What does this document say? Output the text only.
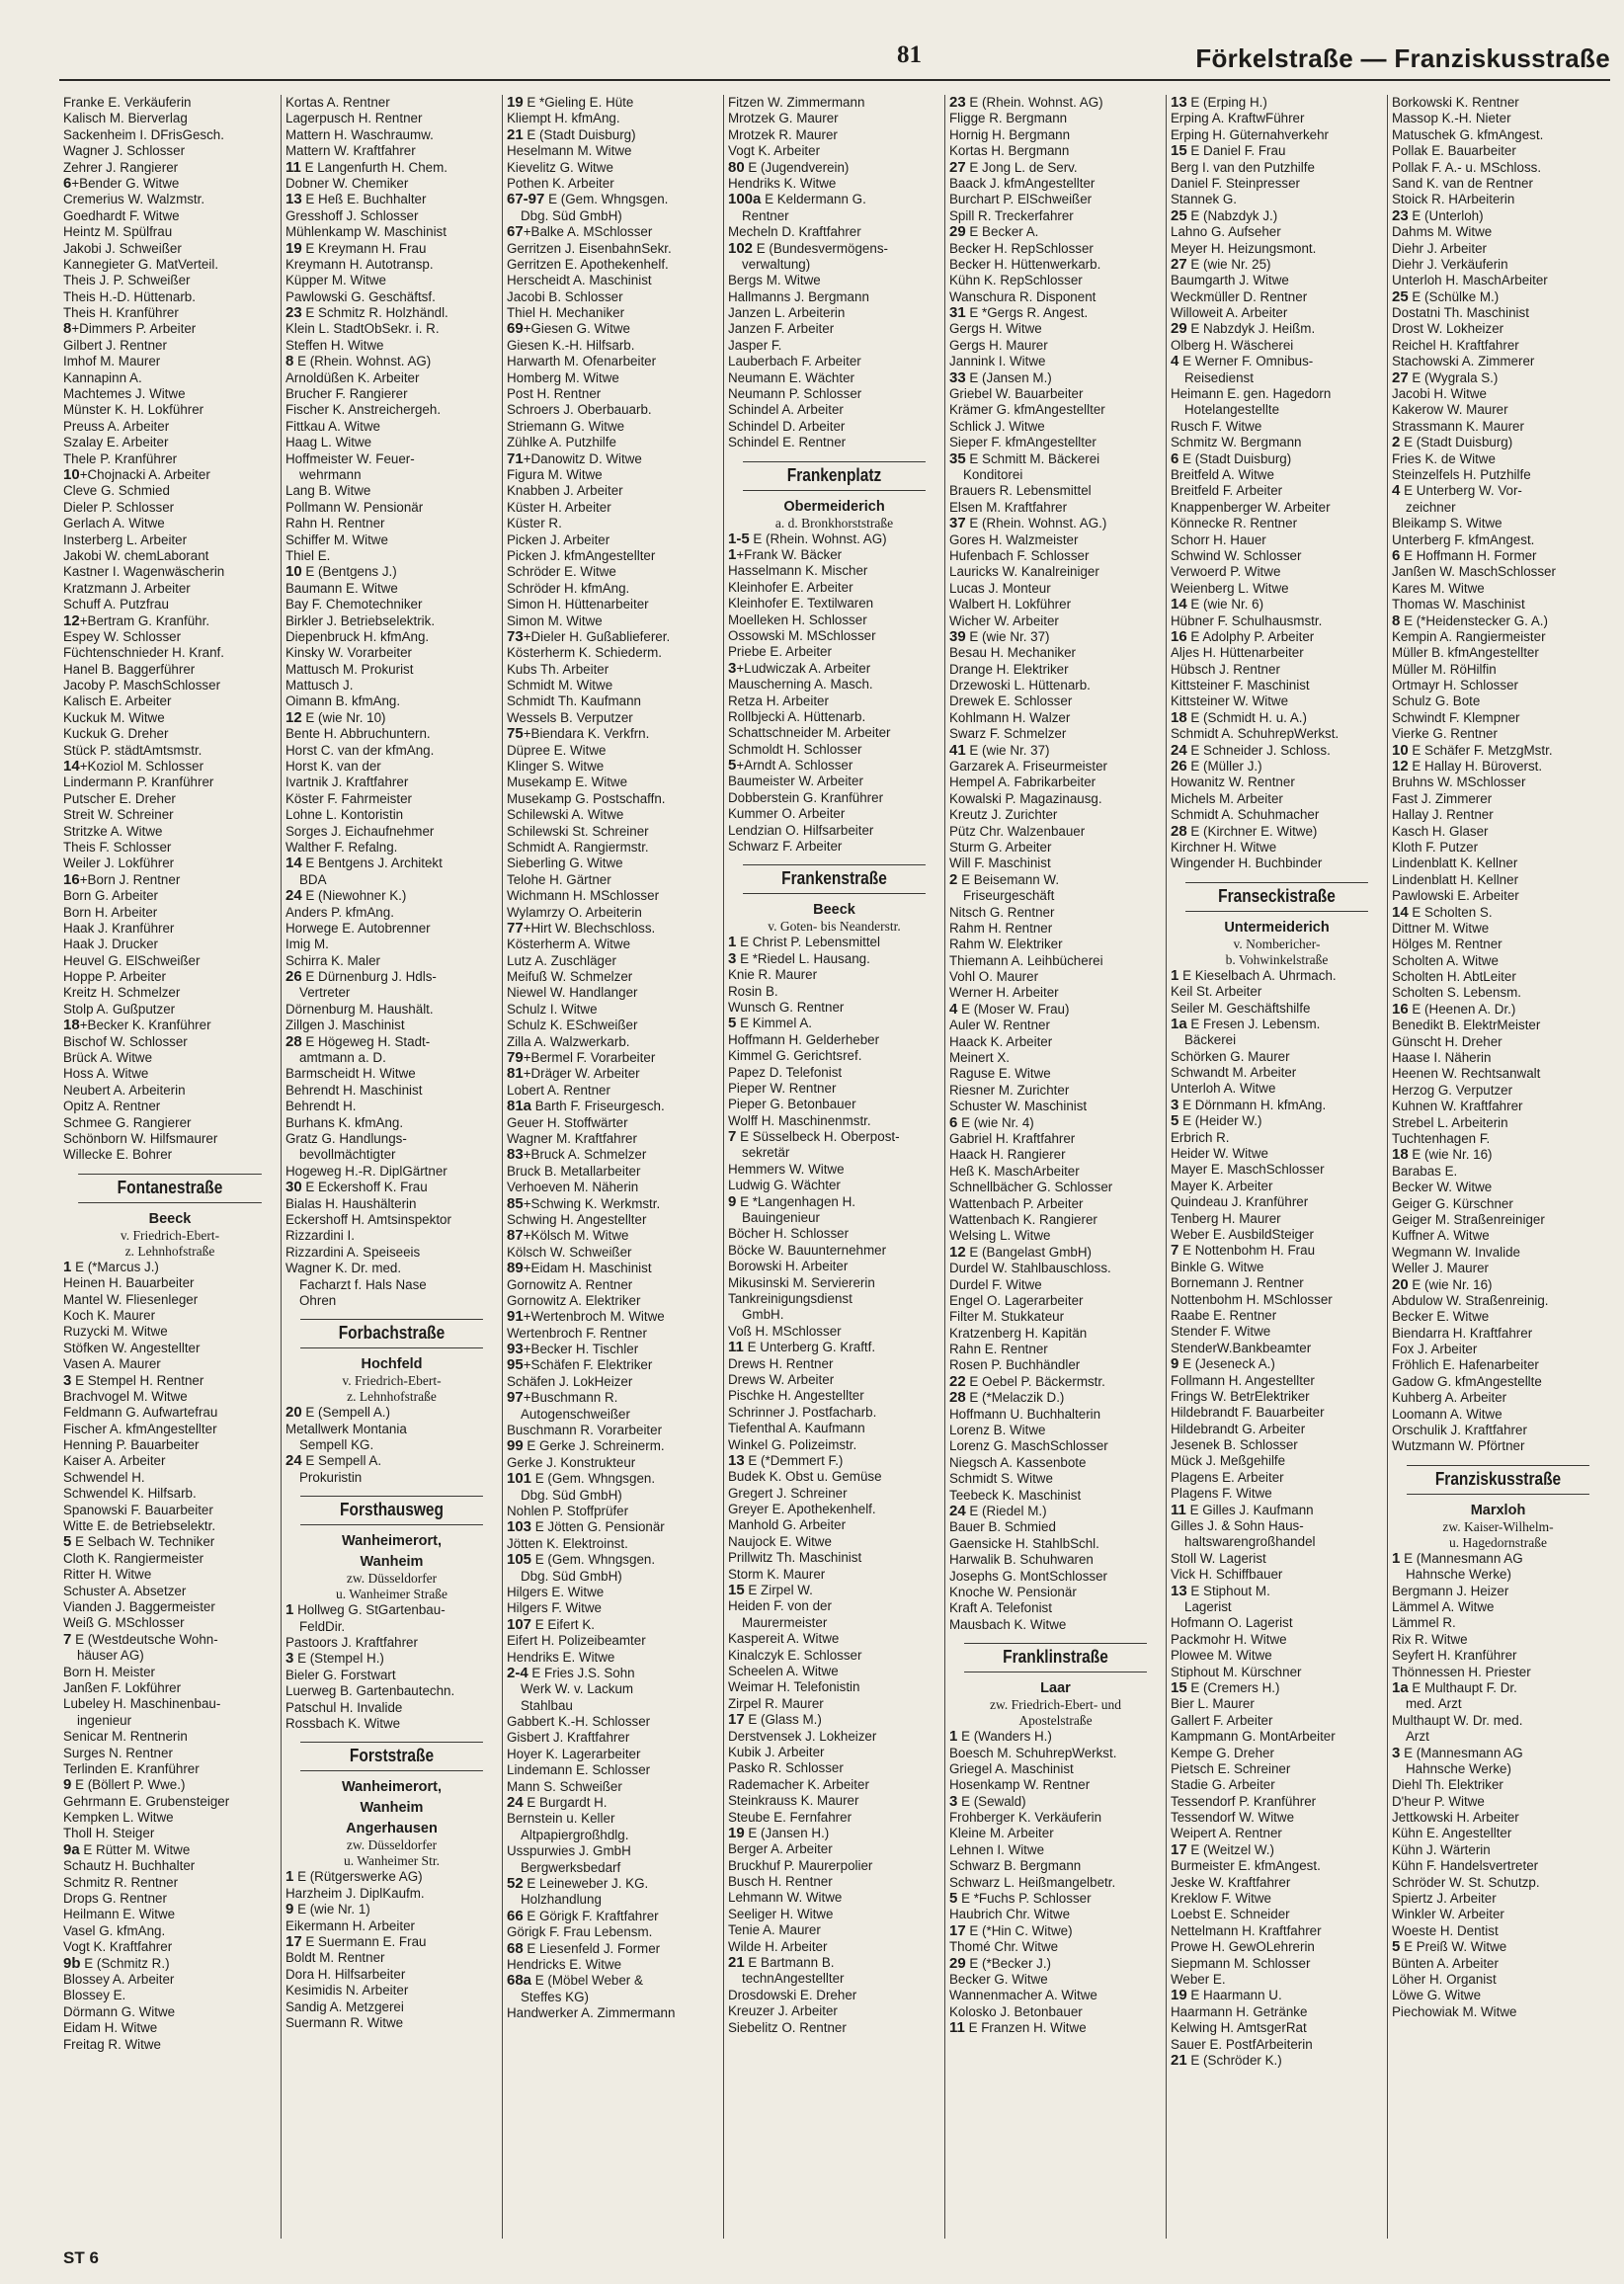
81	Förkelstraße — Franziskusstraße
Franke E. Verkäuferin
Kalisch M. Bierverlag
Sackenheim I. DFrisGesch.
Wagner J. Schlosser
Zehrer J. Rangierer
6+Bender G. Witwe
Cremerius W. Walzmstr.
Goedhardt F. Witwe
Heintz M. Spülfrau
Jakobi J. Schweißer
Kannegieter G. MatVerteil.
Theis J. P. Schweißer
Theis H.-D. Hüttenarb.
Theis H. Kranführer
8+Dimmers P. Arbeiter
Gilbert J. Rentner
Imhof M. Maurer
Kannapinn A.
Machtemes J. Witwe
Münster K. H. Lokführer
Preuss A. Arbeiter
Szalay E. Arbeiter
Thele P. Kranführer
10+Chojnacki A. Arbeiter
Cleve G. Schmied
Dieler P. Schlosser
Gerlach A. Witwe
Insterberg L. Arbeiter
Jakobi W. chemLaborant
Kastner I. Wagenwäscherin
Kratzmann J. Arbeiter
Schuff A. Putzfrau
12+Bertram G. Kranführ.
Espey W. Schlosser
Füchtenschnieder H. Kranf.
Hanel B. Baggerführer
Jacoby P. MaschSchlosser
Kalisch E. Arbeiter
Kuckuk M. Witwe
Kuckuk G. Dreher
Stück P. städtAmtsmstr.
14+Koziol M. Schlosser
Lindermann P. Kranführer
Putscher E. Dreher
Streit W. Schreiner
Stritzke A. Witwe
Theis F. Schlosser
Weiler J. Lokführer
16+Born J. Rentner
Born G. Arbeiter
Born H. Arbeiter
Haak J. Kranführer
Haak J. Drucker
Heuvel G. ElSchweißer
Hoppe P. Arbeiter
Kreitz H. Schmelzer
Stolp A. Gußputzer
18+Becker K. Kranführer
Bischof W. Schlosser
Brück A. Witwe
Hoss A. Witwe
Neubert A. Arbeiterin
Opitz A. Rentner
Schmee G. Rangierer
Schönborn W. Hilfsmaurer
Willecke E. Bohrer
Fontanestraße
Beeck
v. Friedrich-Ebert-
z. Lehnhofstraße
1 E (*Marcus J.)
Heinen H. Bauarbeiter
Mantel W. Fliesenleger
Koch K. Maurer
Ruzycki M. Witwe
Stöfken W. Angestellter
Vasen A. Maurer
3 E Stempel H. Rentner
Brachvogel M. Witwe
Feldmann G. Aufwartefrau
Fischer A. kfmAngestellter
Henning P. Bauarbeiter
Kaiser A. Arbeiter
Schwendel H.
Schwendel K. Hilfsarb.
Spanowski F. Bauarbeiter
Witte E. de Betriebselektr.
5 E Selbach W. Techniker
Cloth K. Rangiermeister
Ritter H. Witwe
Schuster A. Absetzer
Vianden J. Baggermeister
Weiß G. MSchlosser
7 E (Westdeutsche Wohn-
häuser AG)
Born H. Meister
Janßen F. Lokführer
Lubeley H. Maschinenbau-
ingenieur
Senicar M. Rentnerin
Surges N. Rentner
Terlinden E. Kranführer
9 E (Böllert P. Wwe.)
Gehrmann E. Grubensteiger
Kempken L. Witwe
Tholl H. Steiger
9a E Rütter M. Witwe
Schautz H. Buchhalter
Schmitz R. Rentner
Drops G. Rentner
Heilmann E. Witwe
Vasel G. kfmAng.
Vogt K. Kraftfahrer
9b E (Schmitz R.)
Blossey A. Arbeiter
Blossey E.
Dörmann G. Witwe
Eidam H. Witwe
Freitag R. Witwe
Kortas A. Rentner
Lagerpusch H. Rentner
Mattern H. Waschraumw.
Mattern W. Kraftfahrer
11 E Langenfurth H. Chem.
Dobner W. Chemiker
13 E Heß E. Buchhalter
Gresshoff J. Schlosser
Mühlenkamp W. Maschinist
19 E Kreymann H. Frau
Kreymann H. Autotransp.
Küpper M. Witwe
Pawlowski G. Geschäftsf.
23 E Schmitz R. Holzhändl.
Klein L. StadtObSekr. i. R.
Steffen H. Witwe
8 E (Rhein. Wohnst. AG)
Arnoldüßen K. Arbeiter
Brucher F. Rangierer
Fischer K. Anstreichergeh.
Fittkau A. Witwe
Haag L. Witwe
Hoffmeister W. Feuer-
wehrmann
Lang B. Witwe
Pollmann W. Pensionär
Rahn H. Rentner
Schiffer M. Witwe
Thiel E.
10 E (Bentgens J.)
Baumann E. Witwe
Bay F. Chemotechniker
Birkler J. Betriebselektrik.
Diepenbruck H. kfmAng.
Kinsky W. Vorarbeiter
Mattusch M. Prokurist
Mattusch J.
Oimann B. kfmAng.
12 E (wie Nr. 10)
Bente H. Abbruchuntern.
Horst C. van der kfmAng.
Horst K. van der
Ivartnik J. Kraftfahrer
Köster F. Fahrmeister
Lohne L. Kontoristin
Sorges J. Eichaufnehmer
Walther F. Refalng.
14 E Bentgens J. Architekt
BDA
24 E (Niewohner K.)
Anders P. kfmAng.
Horwege E. Autobrenner
Imig M.
Schirra K. Maler
26 E Dürnenburg J. Hdls-
Vertreter
Dörnenburg M. Haushält.
Zillgen J. Maschinist
28 E Högeweg H. Stadt-
amtmann a. D.
Barmscheidt H. Witwe
Behrendt H. Maschinist
Behrendt H.
Burhans K. kfmAng.
Gratz G. Handlungs-
bevollmächtigter
Hogeweg H.-R. DiplGärtner
30 E Eckershoff K. Frau
Bialas H. Haushälterin
Eckershoff H. Amtsinspektor
Rizzardini I.
Rizzardini A. Speiseeis
Wagner K. Dr. med.
Facharzt f. Hals Nase
Ohren
Forbachstraße
Hochfeld
v. Friedrich-Ebert-
z. Lehnhofstraße
20 E (Sempell A.)
Metallwerk Montania
Sempell KG.
24 E Sempell A.
Prokuristin
Forsthausweg
Wanheimerort,
Wanheim
zw. Düsseldorfer
u. Wanheimer Straße
1 Hollweg G. StGartenbau-
FeldDir.
Pastoors J. Kraftfahrer
3 E (Stempel H.)
Bieler G. Forstwart
Luerweg B. Gartenbautechn.
Patschul H. Invalide
Rossbach K. Witwe
Forststraße
Wanheimerort,
Wanheim
Angerhausen
zw. Düsseldorfer
u. Wanheimer Str.
1 E (Rütgerswerke AG)
Harzheim J. DiplKaufm.
9 E (wie Nr. 1)
Eikermann H. Arbeiter
17 E Suermann E. Frau
Boldt M. Rentner
Dora H. Hilfsarbeiter
Kesimidis N. Arbeiter
Sandig A. Metzgerei
Suermann R. Witwe
19 E *Gieling E. Hüte
Kliempt H. kfmAng.
21 E (Stadt Duisburg)
Heselmann M. Witwe
Kievelitz G. Witwe
Pothen K. Arbeiter
67-97 E (Gem. Whngsgen.
Dbg. Süd GmbH)
67+Balke A. MSchlosser
Gerritzen J. EisenbahnSekr.
Gerritzen E. Apothekenhelf.
Herscheidt A. Maschinist
Jacobi B. Schlosser
Thiel H. Mechaniker
69+Giesen G. Witwe
Giesen K.-H. Hilfsarb.
Harwarth M. Ofenarbeiter
Homberg M. Witwe
Post H. Rentner
Schroers J. Oberbauarb.
Striemann G. Witwe
Zühlke A. Putzhilfe
71+Danowitz D. Witwe
Figura M. Witwe
Knabben J. Arbeiter
Küster H. Arbeiter
Küster R.
Picken J. Arbeiter
Picken J. kfmAngestellter
Schröder E. Witwe
Schröder H. kfmAng.
Simon H. Hüttenarbeiter
Simon M. Witwe
73+Dieler H. Gußablieferer.
Kösterherm K. Schiederm.
Kubs Th. Arbeiter
Schmidt M. Witwe
Schmidt Th. Kaufmann
Wessels B. Verputzer
75+Biendara K. Verkfrn.
Düpree E. Witwe
Klinger S. Witwe
Musekamp E. Witwe
Musekamp G. Postschaffn.
Schilewski A. Witwe
Schilewski St. Schreiner
Schmidt A. Rangiermstr.
Sieberling G. Witwe
Telohe H. Gärtner
Wichmann H. MSchlosser
Wylamrzy O. Arbeiterin
77+Hirt W. Blechschloss.
Kösterherm A. Witwe
Lutz A. Zuschläger
Meifuß W. Schmelzer
Niewel W. Handlanger
Schulz I. Witwe
Schulz K. ESchweißer
Zilla A. Walzwerkarb.
79+Bermel F. Vorarbeiter
81+Dräger W. Arbeiter
Lobert A. Rentner
81a Barth F. Friseurgesch.
Geuer H. Stoffwärter
Wagner M. Kraftfahrer
83+Bruck A. Schmelzer
Bruck B. Metallarbeiter
Verhoeven M. Näherin
85+Schwing K. Werkmstr.
Schwing H. Angestellter
87+Kölsch M. Witwe
Kölsch W. Schweißer
89+Eidam H. Maschinist
Gornowitz A. Rentner
Gornowitz A. Elektriker
91+Wertenbroch M. Witwe
Wertenbroch F. Rentner
93+Becker H. Tischler
95+Schäfen F. Elektriker
Schäfen J. LokHeizer
97+Buschmann R.
Autogenschweißer
Buschmann R. Vorarbeiter
99 E Gerke J. Schreinerm.
Gerke J. Konstrukteur
101 E (Gem. Whngsgen.
Dbg. Süd GmbH)
Nohlen P. Stoffprüfer
103 E Jötten G. Pensionär
Jötten K. Elektroinst.
105 E (Gem. Whngsgen.
Dbg. Süd GmbH)
Hilgers E. Witwe
Hilgers F. Witwe
107 E Eifert K.
Eifert H. Polizeibeamter
Hendriks E. Witwe
2-4 E Fries J.S. Sohn
Werk W. v. Lackum
Stahlbau
Gabbert K.-H. Schlosser
Gisbert J. Kraftfahrer
Hoyer K. Lagerarbeiter
Lindemann E. Schlosser
Mann S. Schweißer
24 E Burgardt H.
Bernstein u. Keller
Altpapiergroßhdlg.
Usspurwies J. GmbH
Bergwerksbedarf
52 E Leineweber J. KG.
Holzhandlung
66 E Görigk F. Kraftfahrer
Görigk F. Frau Lebensm.
68 E Liesenfeld J. Former
Hendricks E. Witwe
68a E (Möbel Weber &
Steffes KG)
Handwerker A. Zimmermann
Fitzen W. Zimmermann
Mrotzek G. Maurer
Mrotzek R. Maurer
Vogt K. Arbeiter
80 E (Jugendverein)
Hendriks K. Witwe
100a E Keldermann G.
Rentner
Mecheln D. Kraftfahrer
102 E (Bundesvermögens-
verwaltung)
Bergs M. Witwe
Hallmanns J. Bergmann
Janzen L. Arbeiterin
Janzen F. Arbeiter
Jasper F.
Lauberbach F. Arbeiter
Neumann E. Wächter
Neumann P. Schlosser
Schindel A. Arbeiter
Schindel D. Arbeiter
Schindel E. Rentner
Frankenplatz
Obermeiderich
a. d. Bronkhorststraße
1-5 E (Rhein. Wohnst. AG)
1+Frank W. Bäcker
Hasselmann K. Mischer
Kleinhofer E. Arbeiter
Kleinhofer E. Textilwaren
Moelleken H. Schlosser
Ossowski M. MSchlosser
Priebe E. Arbeiter
3+Ludwiczak A. Arbeiter
Mauscherning A. Masch.
Retza H. Arbeiter
Rollbjecki A. Hüttenarb.
Schattschneider M. Arbeiter
Schmoldt H. Schlosser
5+Arndt A. Schlosser
Baumeister W. Arbeiter
Dobberstein G. Kranführer
Kummer O. Arbeiter
Lendzian O. Hilfsarbeiter
Schwarz F. Arbeiter
Frankenstraße
Beeck
v. Goten- bis Neanderstr.
1 E Christ P. Lebensmittel
3 E *Riedel L. Hausang.
Knie R. Maurer
Rosin B.
Wunsch G. Rentner
5 E Kimmel A.
Hoffmann H. Gelderheber
Kimmel G. Gerichtsref.
Papez D. Telefonist
Pieper W. Rentner
Pieper G. Betonbauer
Wolff H. Maschinenmstr.
7 E Süsselbeck H. Oberpost-
sekretär
Hemmers W. Witwe
Ludwig G. Wächter
9 E *Langenhagen H.
Bauingenieur
Böcher H. Schlosser
Böcke W. Bauunternehmer
Borowski H. Arbeiter
Mikusinski M. Serviererin
Tankreinigungsdienst
GmbH.
Voß H. MSchlosser
11 E Unterberg G. Kraftf.
Drews H. Rentner
Drews W. Arbeiter
Pischke H. Angestellter
Schrinner J. Postfacharb.
Tiefenthal A. Kaufmann
Winkel G. Polizeimstr.
13 E (*Demmert F.)
Budek K. Obst u. Gemüse
Gregert J. Schreiner
Greyer E. Apothekenhelf.
Manhold G. Arbeiter
Naujock E. Witwe
Prillwitz Th. Maschinist
Storm K. Maurer
15 E Zirpel W.
Heiden F. von der
Maurermeister
Kasperеit A. Witwe
Kinalczyk E. Schlosser
Scheelen A. Witwe
Weimar H. Telefonistin
Zirpel R. Maurer
17 E (Glass M.)
Derstvensek J. Lokheizer
Kubik J. Arbeiter
Pasko R. Schlosser
Rademacher K. Arbeiter
Steinkrauss K. Maurer
Steube E. Fernfahrer
19 E (Jansen H.)
Berger A. Arbeiter
Bruckhuf P. Maurerpolier
Busch H. Rentner
Lehmann W. Witwe
Seeliger H. Witwe
Tenie A. Maurer
Wilde H. Arbeiter
21 E Bartmann B.
technAngestellter
Drosdowski E. Dreher
Kreuzer J. Arbeiter
Siebelitz O. Rentner
23 E (Rhein. Wohnst. AG)
Fligge R. Bergmann
Hornig H. Bergmann
Kortas H. Bergmann
27 E Jong L. de Serv.
Baack J. kfmAngestellter
Burchart P. ElSchweißer
Spill R. Treckerfahrer
29 E Becker A.
Becker H. RepSchlosser
Becker H. Hüttenwerkarb.
Kühn K. RepSchlosser
Wanschura R. Disponent
31 E *Gergs R. Angest.
Gergs H. Witwe
Gergs H. Maurer
Jannink I. Witwe
33 E (Jansen M.)
Griebel W. Bauarbeiter
Krämer G. kfmAngestellter
Schlick J. Witwe
Sieper F. kfmAngestellter
35 E Schmitt M. Bäckerei
Konditorei
Brauers R. Lebensmittel
Elsen M. Kraftfahrer
37 E (Rhein. Wohnst. AG.)
Gores H. Walzmeister
Hufenbach F. Schlosser
Lauricks W. Kanalreiniger
Lucas J. Monteur
Walbert H. Lokführer
Wicher W. Arbeiter
39 E (wie Nr. 37)
Besau H. Mechaniker
Drange H. Elektriker
Drzewoski L. Hüttenarb.
Drewek E. Schlosser
Kohlmann H. Walzer
Swarz F. Schmelzer
41 E (wie Nr. 37)
Garzarek A. Friseurmeister
Hempel A. Fabrikarbeiter
Kowalski P. Magazinausg.
Kreutz J. Zurichter
Pütz Chr. Walzenbauer
Sturm G. Arbeiter
Will F. Maschinist
2 E Beisemann W.
Friseurgeschäft
Nitsch G. Rentner
Rahm H. Rentner
Rahm W. Elektriker
Thiemann A. Leihbücherei
Vohl O. Maurer
Werner H. Arbeiter
4 E (Moser W. Frau)
Auler W. Rentner
Haack K. Arbeiter
Meinert X.
Raguse E. Witwe
Riesner M. Zurichter
Schuster W. Maschinist
6 E (wie Nr. 4)
Gabriel H. Kraftfahrer
Haack H. Rangierer
Heß K. MaschArbeiter
Schnellbächer G. Schlosser
Wattenbach P. Arbeiter
Wattenbach K. Rangierer
Welsing L. Witwe
12 E (Bangelast GmbH)
Durdel W. Stahlbauschloss.
Durdel F. Witwe
Engel O. Lagerarbeiter
Filter M. Stukkateur
Kratzenberg H. Kapitän
Rahn E. Rentner
Rosen P. Buchhändler
22 E Oebel P. Bäckermstr.
28 E (*Melaczik D.)
Hoffmann U. Buchhalterin
Lorenz B. Witwe
Lorenz G. MaschSchlosser
Niegsch A. Kassenbote
Schmidt S. Witwe
Teebeck K. Maschinist
24 E (Riedel M.)
Bauer B. Schmied
Gaensicke H. StahlbSchl.
Harwalik B. Schuhwaren
Josephs G. MontSchlosser
Knoche W. Pensionär
Kraft A. Telefonist
Mausbach K. Witwe
Franklinstraße
Laar
zw. Friedrich-Ebert- und
Apostelstraße
1 E (Wanders H.)
Boesch M. SchuhrepWerkst.
Griegel A. Maschinist
Hosenkamp W. Rentner
3 E (Sewald)
Frohberger K. Verkäuferin
Kleine M. Arbeiter
Lehnen I. Witwe
Schwarz B. Bergmann
Schwarz L. Heißmangelbetr.
5 E *Fuchs P. Schlosser
Haubrich Chr. Witwe
17 E (*Hin C. Witwe)
Thomé Chr. Witwe
29 E (*Becker J.)
Becker G. Witwe
Wannenmacher A. Witwe
Kolosko J. Betonbauer
11 E Franzen H. Witwe
13 E (Erping H.)
Erping A. KraftwFührer
Erping H. Güternahverkehr
15 E Daniel F. Frau
Berg I. van den Putzhilfe
Daniel F. Steinpresser
Stannek G.
25 E (Nabzdyk J.)
Lahno G. Aufseher
Meyer H. Heizungsmont.
27 E (wie Nr. 25)
Baumgarth J. Witwe
Weckmüller D. Rentner
Willoweit A. Arbeiter
29 E Nabzdyk J. Heißm.
Olberg H. Wäscherei
4 E Werner F. Omnibus-
Reisedienst
Heimann E. gen. Hagedorn
Hotelangestellte
Rusch F. Witwe
Schmitz W. Bergmann
6 E (Stadt Duisburg)
Breitfeld A. Witwe
Breitfeld F. Arbeiter
Knappenberger W. Arbeiter
Könnecke R. Rentner
Schorr H. Hauer
Schwind W. Schlosser
Verwoerd P. Witwe
Weienberg L. Witwe
14 E (wie Nr. 6)
Hübner F. Schulhausmstr.
16 E Adolphy P. Arbeiter
Aljes H. Hüttenarbeiter
Hübsch J. Rentner
Kittsteiner F. Maschinist
Kittsteiner W. Witwe
18 E (Schmidt H. u. A.)
Schmidt A. SchuhrepWerkst.
24 E Schneider J. Schloss.
26 E (Müller J.)
Howanitz W. Rentner
Michels M. Arbeiter
Schmidt A. Schuhmacher
28 E (Kirchner E. Witwe)
Kirchner H. Witwe
Wingender H. Buchbinder
Franseckistraße
Untermeiderich
v. Nombericher-
b. Vohwinkelstraße
1 E Kieselbach A. Uhrmach.
Keil St. Arbeiter
Seiler M. Geschäftshilfe
1a E Fresen J. Lebensm.
Bäckerei
Schörken G. Maurer
Schwandt M. Arbeiter
Unterloh A. Witwe
3 E Dörnmann H. kfmAng.
5 E (Heider W.)
Erbrich R.
Heider W. Witwe
Mayer E. MaschSchlosser
Mayer K. Arbeiter
Quindeau J. Kranführer
Tenberg H. Maurer
Weber E. AusbildSteiger
7 E Nottenbohm H. Frau
Binkle G. Witwe
Bornemann J. Rentner
Nottenbohm H. MSchlosser
Raabe E. Rentner
Stender F. Witwe
StenderW.Bankbeamter
9 E (Jeseneck A.)
Follmann H. Angestellter
Frings W. BetrElektriker
Hildebrandt F. Bauarbeiter
Hildebrandt G. Arbeiter
Jesenek B. Schlosser
Mück J. Meßgehilfe
Plagens E. Arbeiter
Plagens F. Witwe
11 E Gilles J. Kaufmann
Gilles J. & Sohn Haus-
haltswarengroßhandel
Stoll W. Lagerist
Vick H. Schiffbauer
13 E Stiphout M.
Lagerist
Hofmann O. Lagerist
Packmohr H. Witwe
Plowee M. Witwe
Stiphout M. Kürschner
15 E (Cremers H.)
Bier L. Maurer
Gallert F. Arbeiter
Kampmann G. MontArbeiter
Kempe G. Dreher
Pietsch E. Schreiner
Stadie G. Arbeiter
Tessendorf P. Kranführer
Tessendorf W. Witwe
Weipert A. Rentner
17 E (Weitzel W.)
Burmeister E. kfmAngest.
Jeske W. Kraftfahrer
Kreklow F. Witwe
Loebst E. Schneider
Nettelmann H. Kraftfahrer
Prowe H. GewOLehrerin
Siepmann M. Schlosser
Weber E.
19 E Haarmann U.
Haarmann H. Getränke
Kelwing H. AmtsgerRat
Sauer E. PostfArbeiterin
21 E (Schröder K.)
Borkowski K. Rentner
Massop K.-H. Nieter
Matuschek G. kfmAngest.
Pollak E. Bauarbeiter
Pollak F. A.- u. MSchloss.
Sand K. van de Rentner
Stoick R. HArbeiterin
23 E (Unterloh)
Dahms M. Witwe
Diehr J. Arbeiter
Diehr J. Verkäuferin
Unterloh H. MaschArbeiter
25 E (Schülke M.)
Dostatni Th. Maschinist
Drost W. Lokheizer
Reichel H. Kraftfahrer
Stachowski A. Zimmerer
27 E (Wygrala S.)
Jacobi H. Witwe
Kakerow W. Maurer
Strassmann K. Maurer
2 E (Stadt Duisburg)
Fries K. de Witwe
Steinzelfels H. Putzhilfe
4 E Unterberg W. Vor-
zeichner
Bleikamp S. Witwe
Unterberg F. kfmAngest.
6 E Hoffmann H. Former
Janßen W. MaschSchlosser
Kares M. Witwe
Thomas W. Maschinist
8 E (*Heidenstecker G. A.)
Kempin A. Rangiermeister
Müller B. kfmAngestellter
Müller M. RöHilfin
Ortmayr H. Schlosser
Schulz G. Bote
Schwindt F. Klempner
Vierke G. Rentner
10 E Schäfer F. MetzgMstr.
12 E Hallay H. Büroverst.
Bruhns W. MSchlosser
Fast J. Zimmerer
Hallay J. Rentner
Kasch H. Glaser
Kloth F. Putzer
Lindenblatt K. Kellner
Lindenblatt H. Kellner
Pawlowski E. Arbeiter
14 E Scholten S.
Dittner M. Witwe
Hölges M. Rentner
Scholten A. Witwe
Scholten H. AbtLeiter
Scholten S. Lebensm.
16 E (Heenen A. Dr.)
Benedikt B. ElektrMeister
Günscht H. Dreher
Haase I. Näherin
Heenen W. Rechtsanwalt
Herzog G. Verputzer
Kuhnen W. Kraftfahrer
Strebel L. Arbeiterin
Tuchtenhagen F.
18 E (wie Nr. 16)
Barabas E.
Becker W. Witwe
Geiger G. Kürschner
Geiger M. Straßenreiniger
Kuffner A. Witwe
Wegmann W. Invalide
Weller J. Maurer
20 E (wie Nr. 16)
Abdulow W. Straßenreinig.
Becker E. Witwe
Biendarra H. Kraftfahrer
Fox J. Arbeiter
Fröhlich E. Hafenarbeiter
Gadow G. kfmAngestellte
Kuhberg A. Arbeiter
Loomann A. Witwe
Orschulik J. Kraftfahrer
Wutzmann W. Pförtner
Franziskusstraße
Marxloh
zw. Kaiser-Wilhelm-
u. Hagedornstraße
1 E (Mannesmann AG
Hahnsche Werke)
Bergmann J. Heizer
Lämmel A. Witwe
Lämmel R.
Rix R. Witwe
Seyfert H. Kranführer
Thönnessen H. Priester
1a E Multhaupt F. Dr.
med. Arzt
Multhaupt W. Dr. med.
Arzt
3 E (Mannesmann AG
Hahnsche Werke)
Diehl Th. Elektriker
D'heur P. Witwe
Jettkowski H. Arbeiter
Kühn E. Angestellter
Kühn J. Wärterin
Kühn F. Handelsvertreter
Schröder W. St. Schutzp.
Spiertz J. Arbeiter
Winkler W. Arbeiter
Woeste H. Dentist
5 E Preiß W. Witwe
Bünten A. Arbeiter
Löher H. Organist
Löwe G. Witwe
Piechowiak M. Witwe
ST 6
